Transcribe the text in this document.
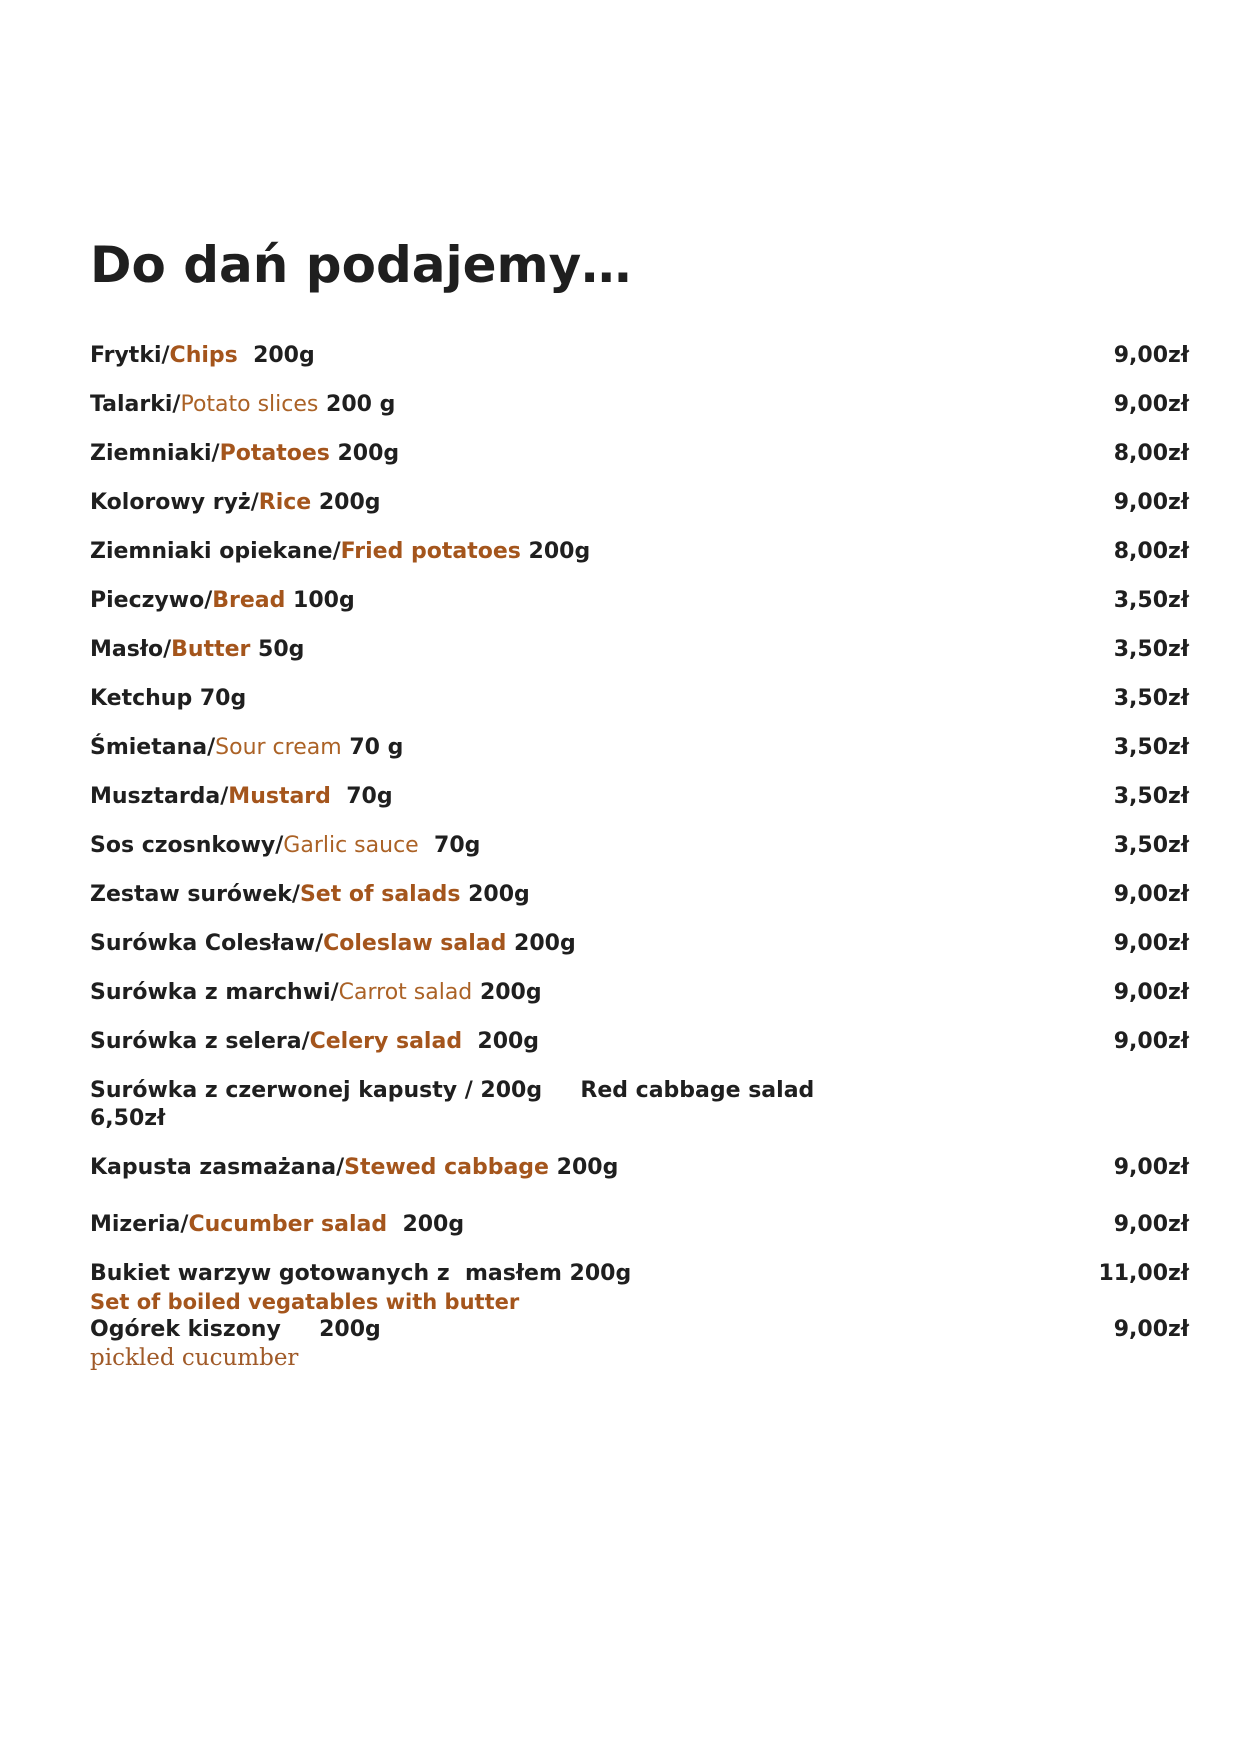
Do dań podajemy…
Frytki/Chips  200g	9,00zł
Talarki/Potato slices 200 g	9,00zł
Ziemniaki/Potatoes 200g	8,00zł
Kolorowy ryż/Rice 200g	9,00zł
Ziemniaki opiekane/Fried potatoes 200g	8,00zł
Pieczywo/Bread 100g	3,50zł
Masło/Butter 50g	3,50zł
Ketchup 70g	3,50zł
Śmietana/Sour cream 70 g	3,50zł
Musztarda/Mustard  70g	3,50zł
Sos czosnkowy/Garlic sauce  70g	3,50zł
Zestaw surówek/Set of salads 200g	9,00zł
Surówka Colesław/Coleslaw salad 200g	9,00zł
Surówka z marchwi/Carrot salad 200g	9,00zł
Surówka z selera/Celery salad  200g	9,00zł
Surówka z czerwonej kapusty / 200g     Red cabbage salad
6,50zł
Kapusta zasmażana/Stewed cabbage 200g	9,00zł
Mizeria/Cucumber salad  200g	9,00zł
Bukiet warzyw gotowanych z  masłem 200g	11,00zł
Set of boiled vegatables with butter
Ogórek kiszony     200g	9,00zł
pickled cucumber
